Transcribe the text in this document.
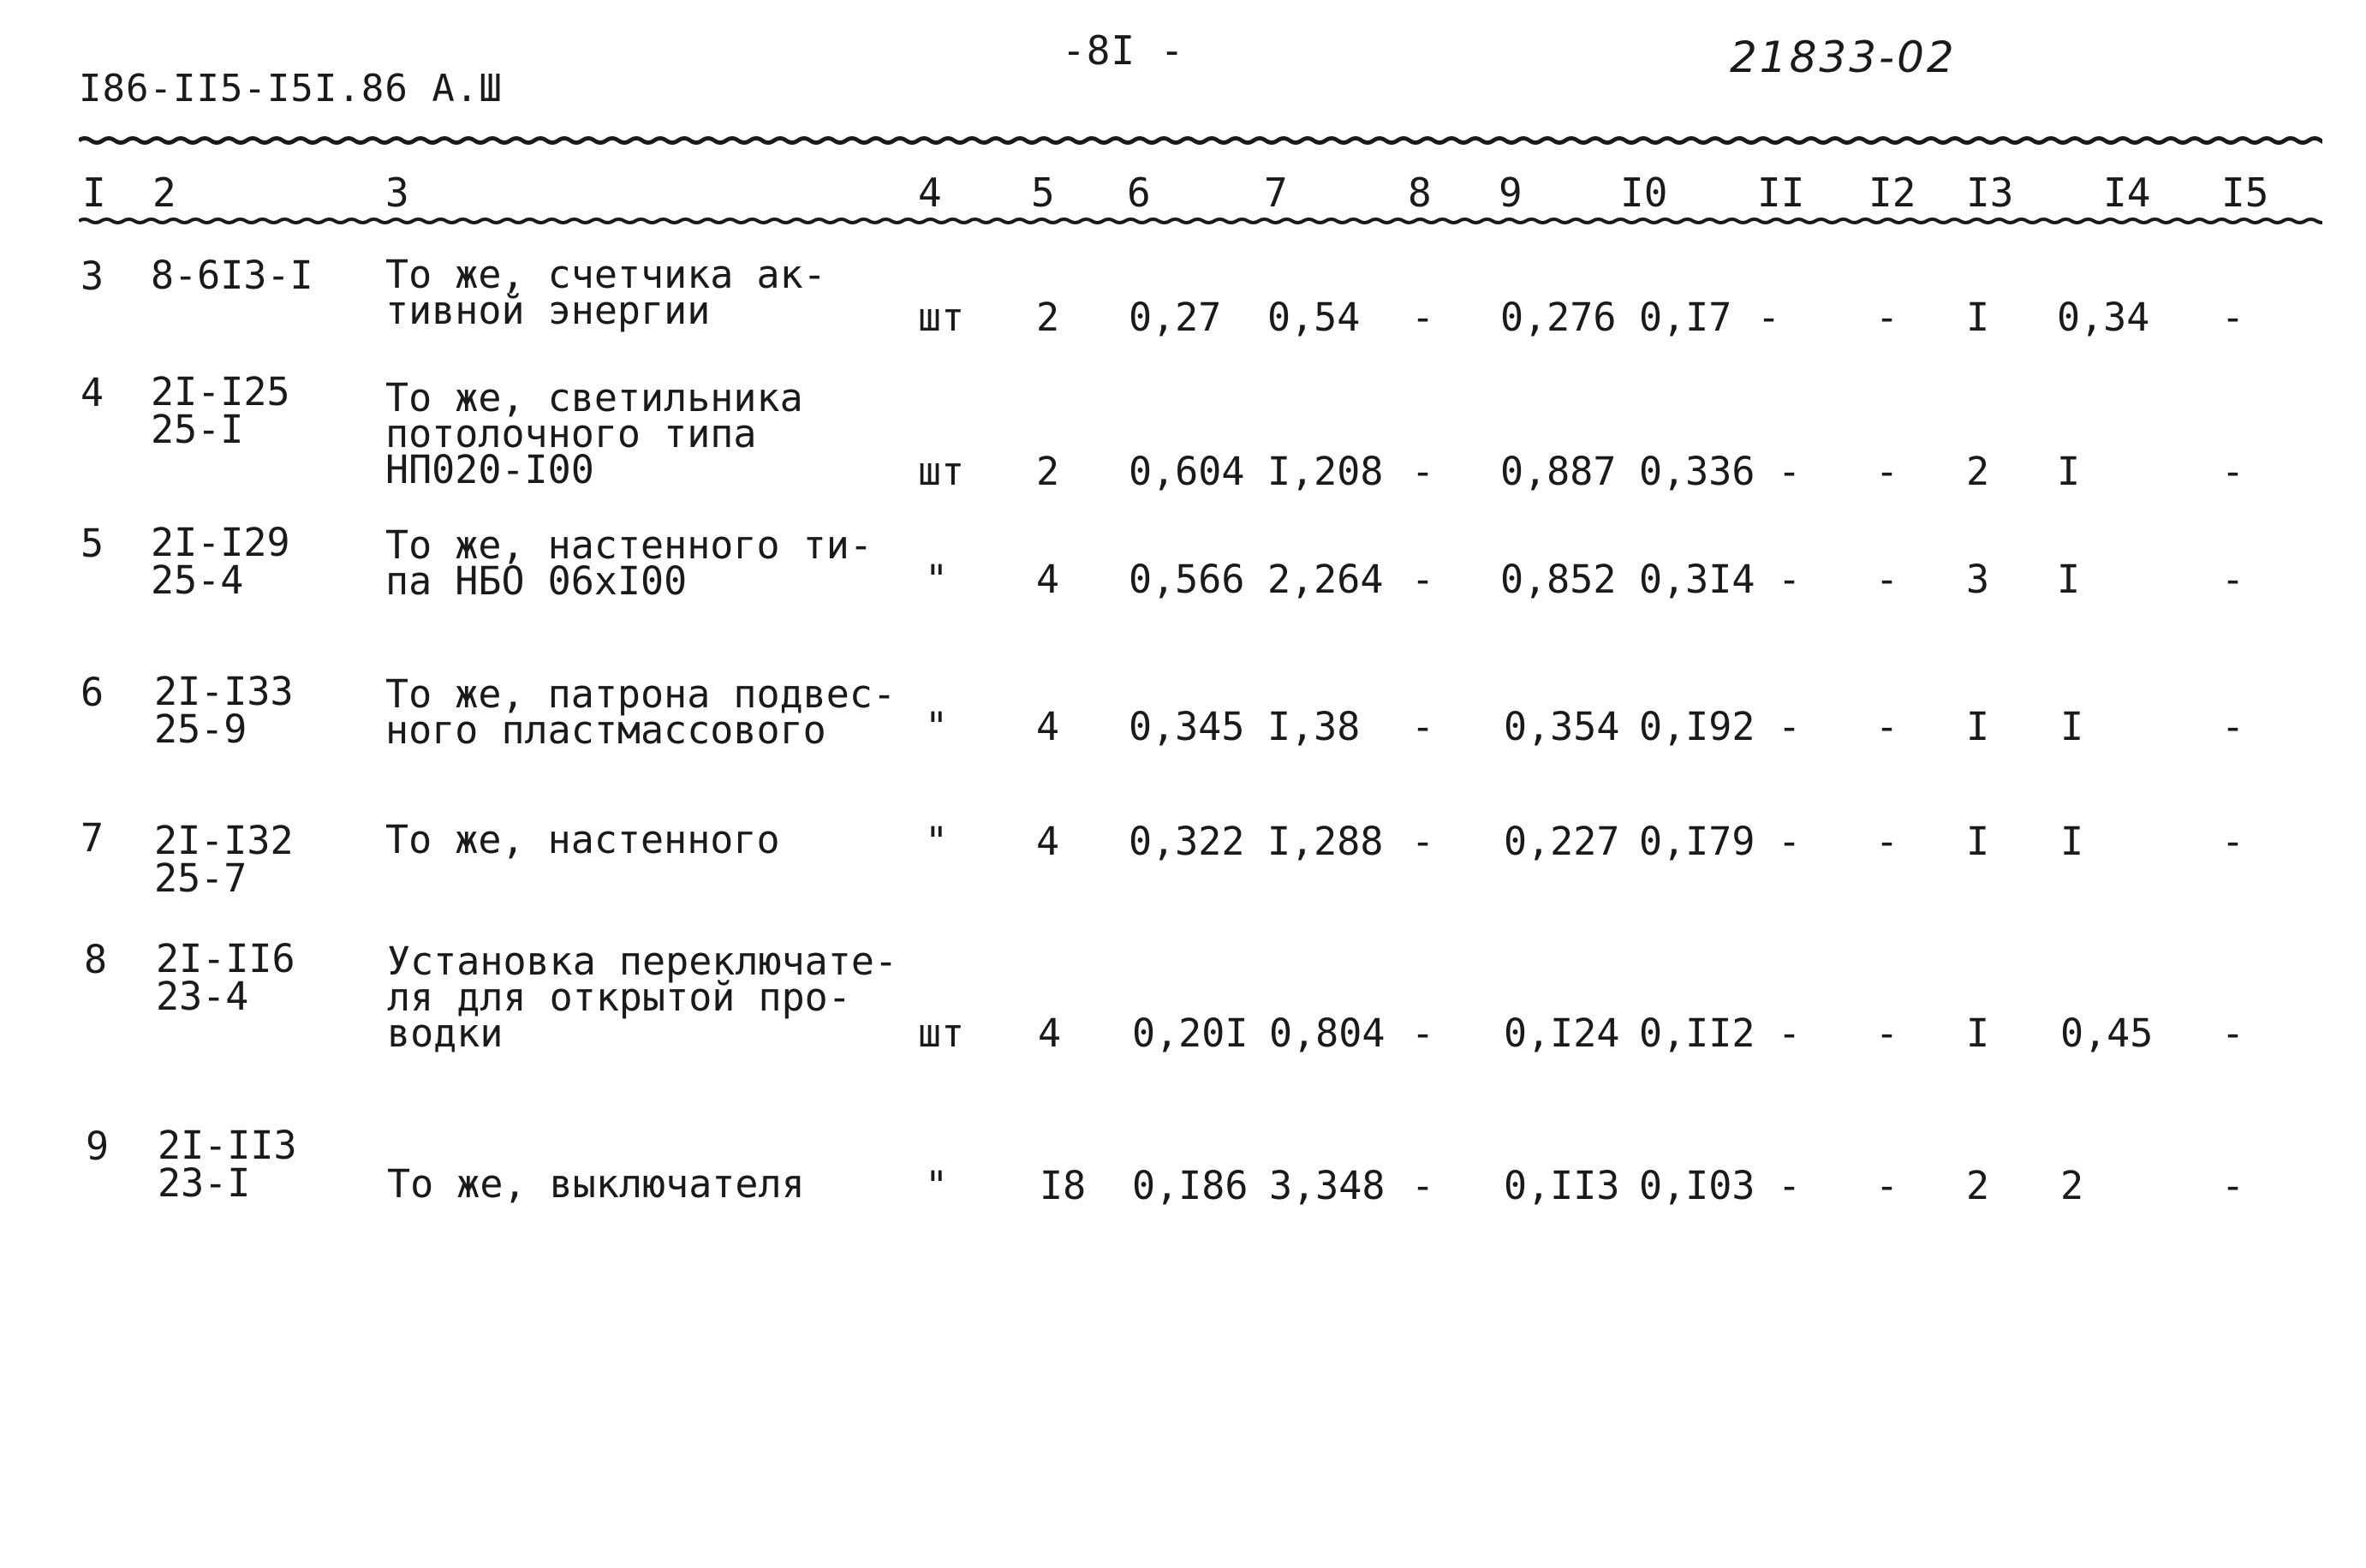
I86-II5-I5I.86 А.Ш
-8I -	21833-02
I 2	3	4 5 6	7	8 9 I0 II I2 I3 I4 I5
3 8-6I3-I То же, счетчика ак-
тивной энергии	шт 2 0,27 0,54 - 0,276 0,I7 - - I 0,34 -
4 2I-I25
25-I
То же, светильника
потолочного типа
НП020-I00	шт 2 0,604 I,208 - 0,887 0,336 - - 2 I	-
5 2I-I29
25-4
То же, настенного ти-
па НБО 06хI00	" 4 0,566 2,264 - 0,852 0,3I4 - - 3 I	-
6 2I-I33
25-9
То же, патрона подвес-
ного пластмассового	" 4 0,345 I,38 - 0,354 0,I92 - - I I	-
7 2I-I32
25-7
То же, настенного	" 4 0,322 I,288 - 0,227 0,I79 - - I I	-
8 2I-II6
23-4
Установка переключате-
ля для открытой про-
водки	шт 4 0,20I 0,804 - 0,I24 0,II2 - - I 0,45 -
9 2I-II3
23-I	То же, выключателя	" I8 0,I86 3,348 - 0,II3 0,I03 - - 2 2	-
